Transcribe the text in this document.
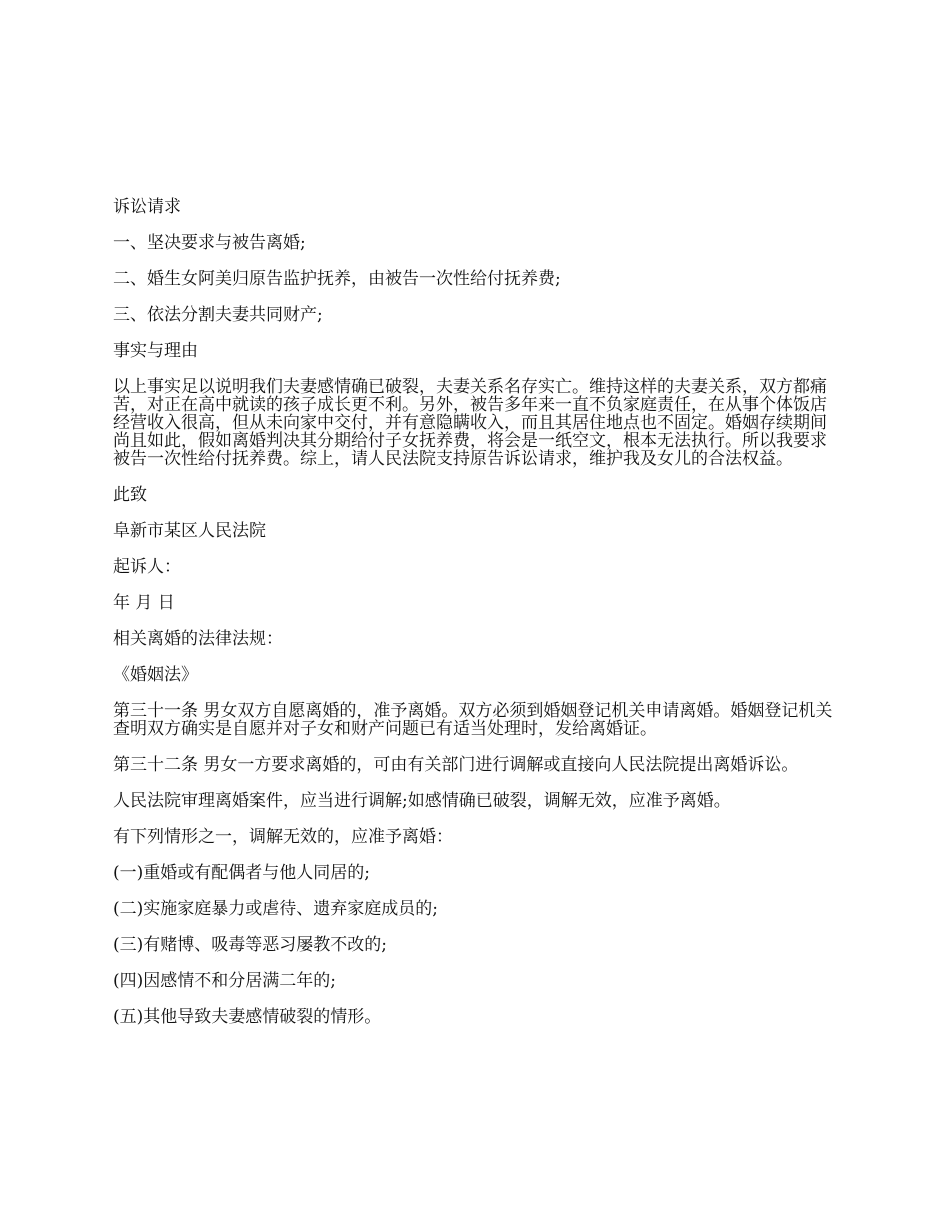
诉讼请求

一、坚决要求与被告离婚;

二、婚生女阿美归原告监护抚养，由被告一次性给付抚养费;

三、依法分割夫妻共同财产;

事实与理由

以上事实足以说明我们夫妻感情确已破裂，夫妻关系名存实亡。维持这样的夫妻关系，双方都痛苦，对正在高中就读的孩子成长更不利。另外，被告多年来一直不负家庭责任，在从事个体饭店经营收入很高，但从未向家中交付，并有意隐瞒收入，而且其居住地点也不固定。婚姻存续期间尚且如此，假如离婚判决其分期给付子女抚养费，将会是一纸空文，根本无法执行。所以我要求被告一次性给付抚养费。综上，请人民法院支持原告诉讼请求，维护我及女儿的合法权益。

此致

阜新市某区人民法院

起诉人：

年 月 日

相关离婚的法律法规：

《婚姻法》

第三十一条 男女双方自愿离婚的，准予离婚。双方必须到婚姻登记机关申请离婚。婚姻登记机关查明双方确实是自愿并对子女和财产问题已有适当处理时，发给离婚证。

第三十二条 男女一方要求离婚的，可由有关部门进行调解或直接向人民法院提出离婚诉讼。

人民法院审理离婚案件，应当进行调解;如感情确已破裂，调解无效，应准予离婚。

有下列情形之一，调解无效的，应准予离婚：

(一)重婚或有配偶者与他人同居的;

(二)实施家庭暴力或虐待、遗弃家庭成员的;

(三)有赌博、吸毒等恶习屡教不改的;

(四)因感情不和分居满二年的;

(五)其他导致夫妻感情破裂的情形。
